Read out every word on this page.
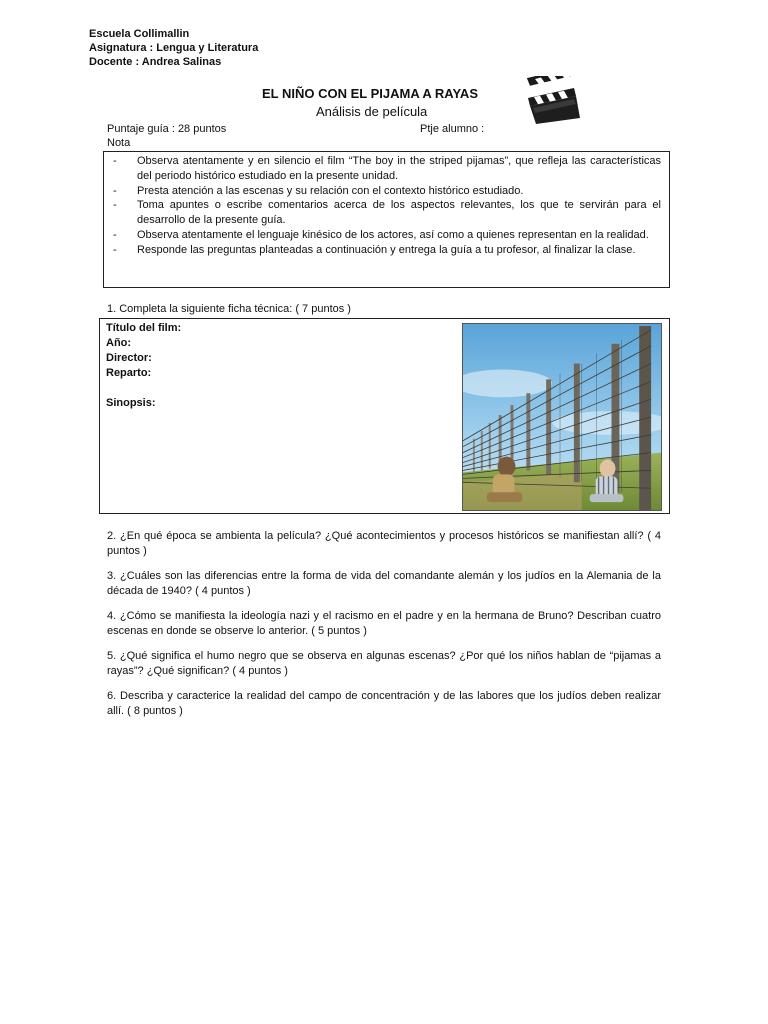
Escuela Collimallin
Asignatura : Lengua y Literatura
Docente : Andrea Salinas
EL NIÑO CON EL PIJAMA A RAYAS
Análisis de película
Puntaje guía : 28 puntos	Ptje alumno :
Nota
- Observa atentamente y en silencio el film “The boy in the striped pijamas”, que refleja las características del periodo histórico estudiado en la presente unidad.
- Presta atención a las escenas y su relación con el contexto histórico estudiado.
- Toma apuntes o escribe comentarios acerca de los aspectos relevantes, los que te servirán para el desarrollo de la presente guía.
- Observa atentamente el lenguaje kinésico de los actores, así como a quienes representan en la realidad.
- Responde las preguntas planteadas a continuación y entrega la guía a tu profesor, al finalizar la clase.
1. Completa la siguiente ficha técnica: ( 7 puntos )
Título del film:
Año:
Director:
Reparto:
Sinopsis:
2. ¿En qué época se ambienta la película? ¿Qué acontecimientos y procesos históricos se manifiestan allí? ( 4 puntos )
3. ¿Cuáles son las diferencias entre la forma de vida del comandante alemán y los judíos en la Alemania de la década de 1940? ( 4 puntos )
4. ¿Cómo se manifiesta la ideología nazi y el racismo en el padre y en la hermana de Bruno? Describan cuatro escenas en donde se observe lo anterior. ( 5 puntos )
5. ¿Qué significa el humo negro que se observa en algunas escenas? ¿Por qué los niños hablan de “pijamas a rayas”? ¿Qué significan? ( 4 puntos )
6. Describa y caracterice la realidad del campo de concentración y de las labores que los judíos deben realizar allí. ( 8 puntos )
